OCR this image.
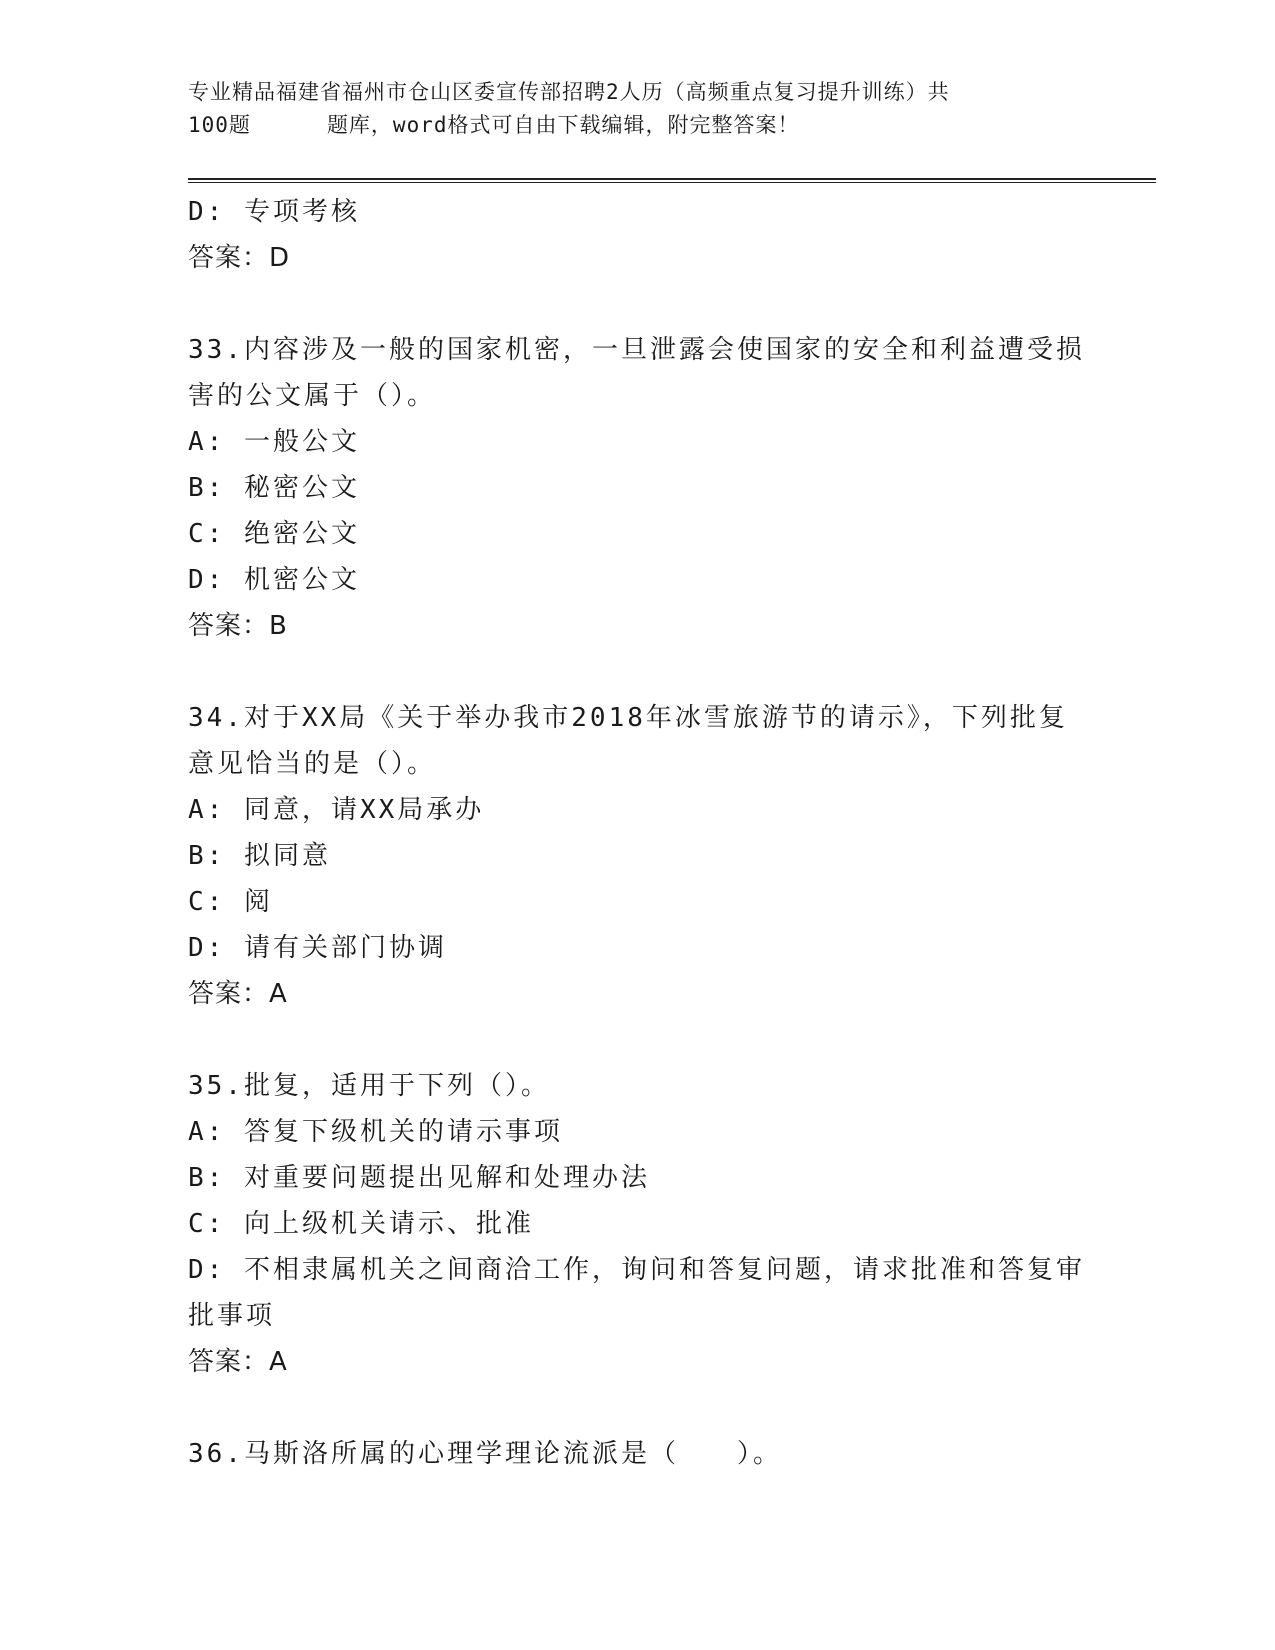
专业精品福建省福州市仓山区委宣传部招聘2人历（高频重点复习提升训练）共
100题	题库，word格式可自由下载编辑，附完整答案！
D: 专项考核
答案：D
33.内容涉及一般的国家机密，一旦泄露会使国家的安全和利益遭受损
害的公文属于（）。
A: 一般公文
B: 秘密公文
C: 绝密公文
D: 机密公文
答案：B
34.对于XX局《关于举办我市2018年冰雪旅游节的请示》，下列批复
意见恰当的是（）。
A: 同意，请XX局承办
B: 拟同意
C: 阅
D: 请有关部门协调
答案：A
35.批复，适用于下列（）。
A: 答复下级机关的请示事项
B: 对重要问题提出见解和处理办法
C: 向上级机关请示、批准
D: 不相隶属机关之间商洽工作，询问和答复问题，请求批准和答复审
批事项
答案：A
36.马斯洛所属的心理学理论流派是（　　）。
